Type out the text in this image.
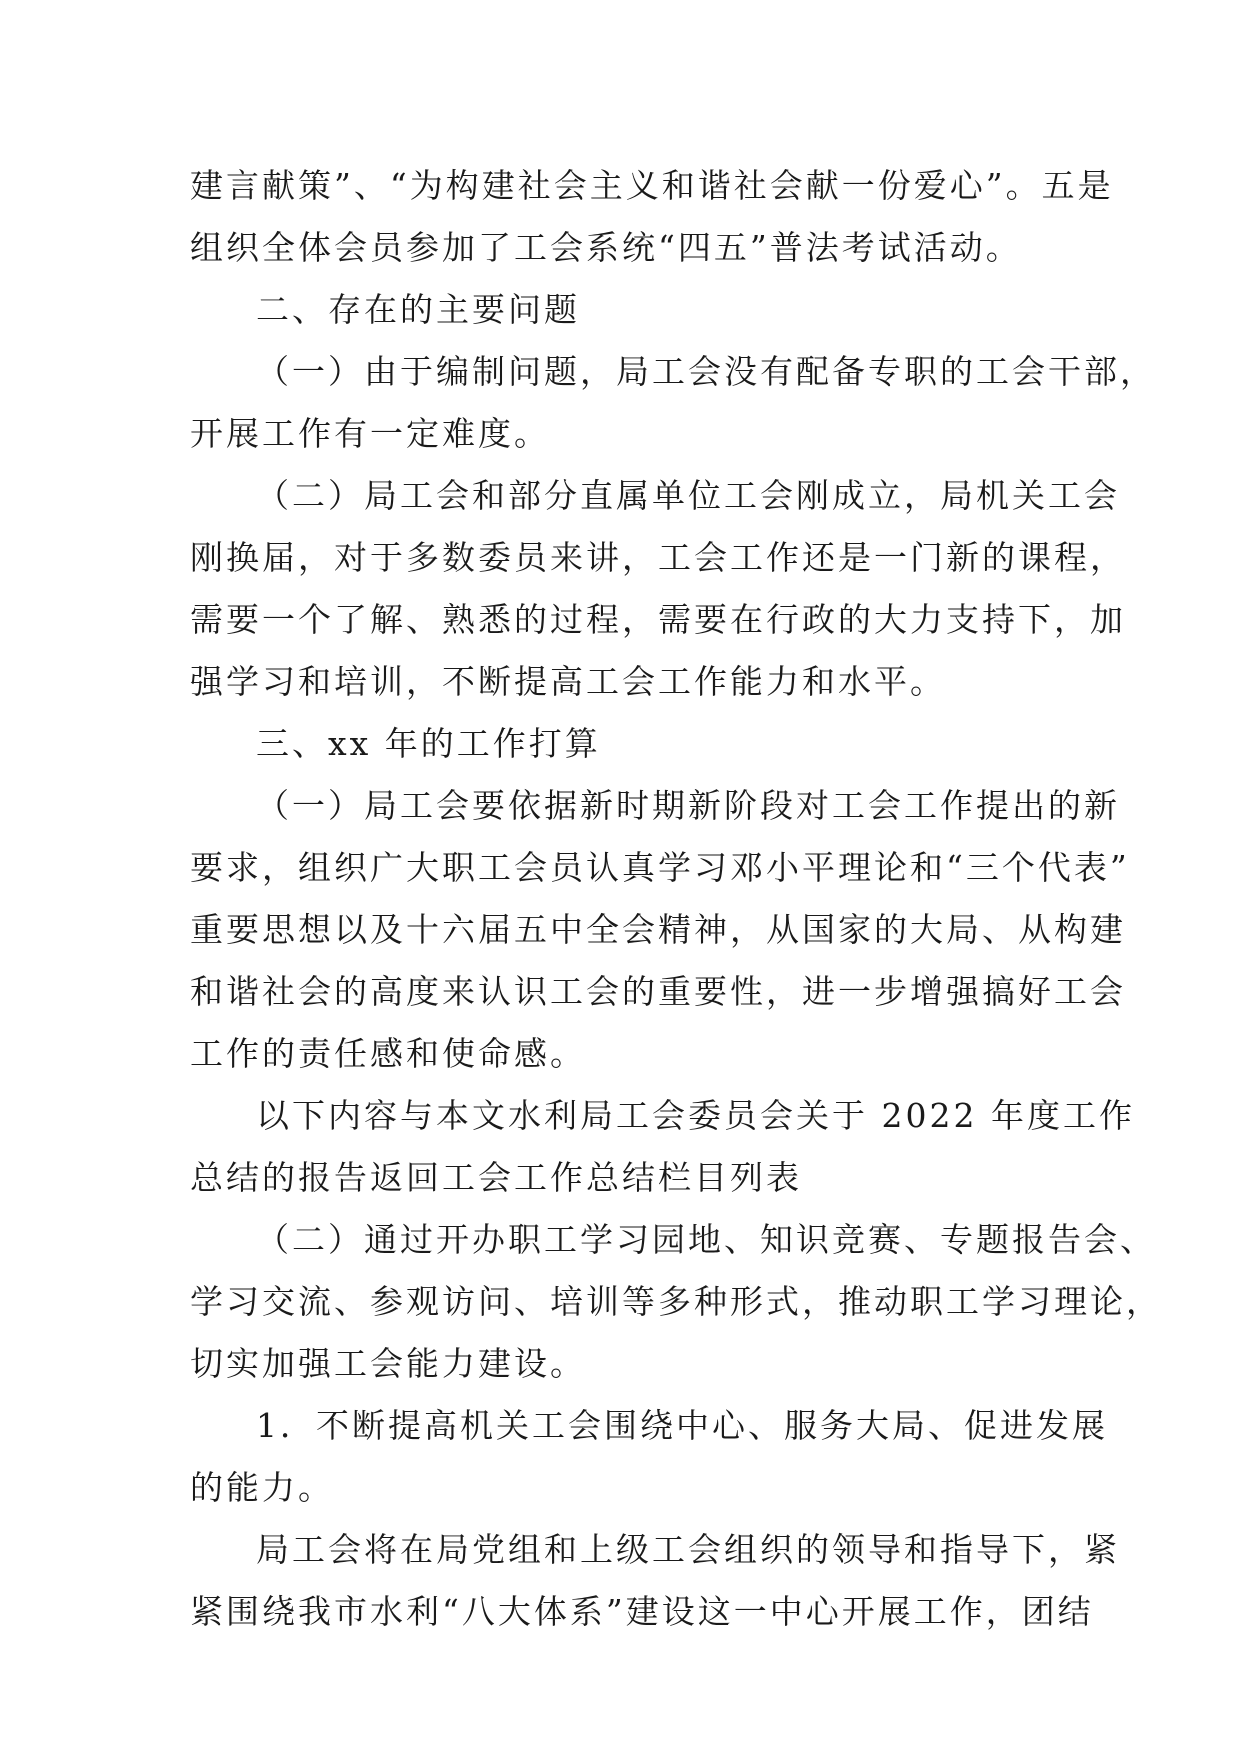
建言献策”、“为构建社会主义和谐社会献一份爱心”。五是
组织全体会员参加了工会系统“四五”普法考试活动。
二、存在的主要问题
（一）由于编制问题，局工会没有配备专职的工会干部，
开展工作有一定难度。
（二）局工会和部分直属单位工会刚成立，局机关工会
刚换届，对于多数委员来讲，工会工作还是一门新的课程，
需要一个了解、熟悉的过程，需要在行政的大力支持下，加
强学习和培训，不断提高工会工作能力和水平。
三、xx 年的工作打算
（一）局工会要依据新时期新阶段对工会工作提出的新
要求，组织广大职工会员认真学习邓小平理论和“三个代表”
重要思想以及十六届五中全会精神，从国家的大局、从构建
和谐社会的高度来认识工会的重要性，进一步增强搞好工会
工作的责任感和使命感。
以下内容与本文水利局工会委员会关于 2022 年度工作
总结的报告返回工会工作总结栏目列表
（二）通过开办职工学习园地、知识竞赛、专题报告会、
学习交流、参观访问、培训等多种形式，推动职工学习理论，
切实加强工会能力建设。
1．不断提高机关工会围绕中心、服务大局、促进发展
的能力。
局工会将在局党组和上级工会组织的领导和指导下，紧
紧围绕我市水利“八大体系”建设这一中心开展工作，团结
